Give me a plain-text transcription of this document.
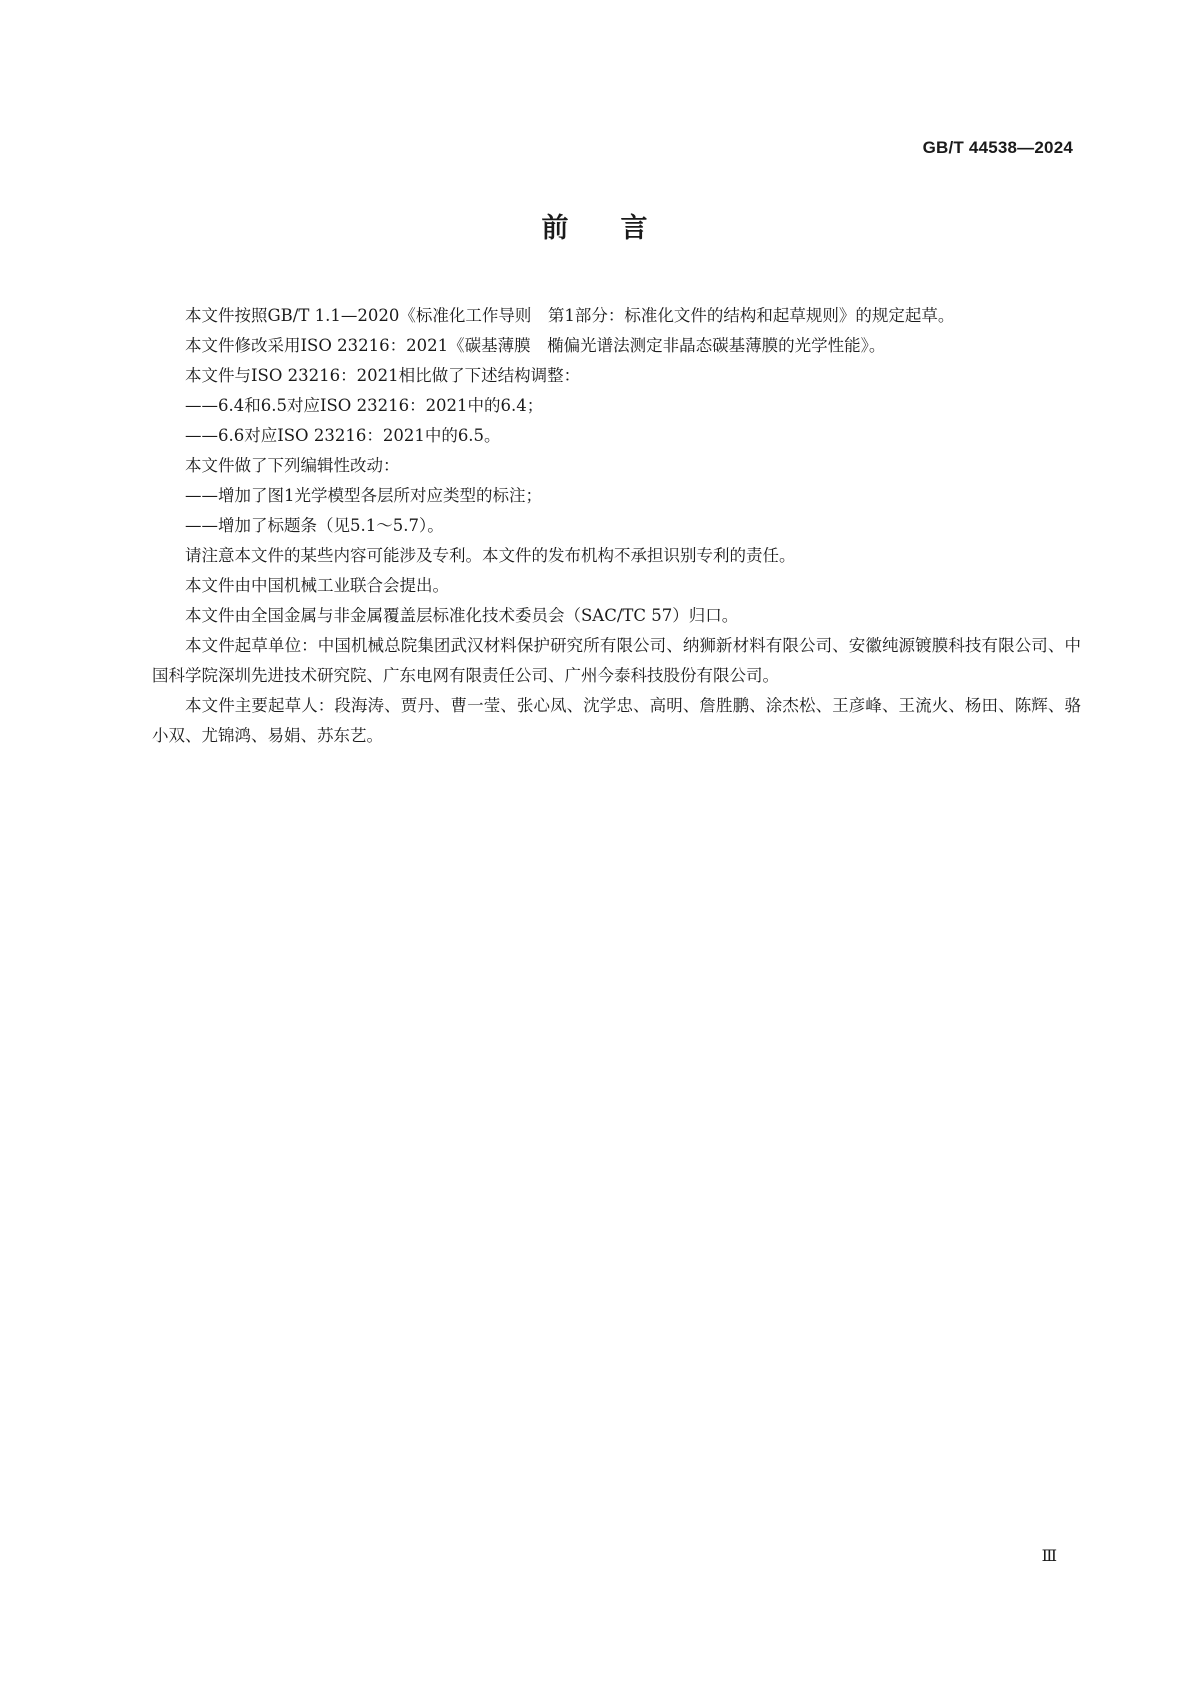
GB/T 44538—2024
前 言

本文件按照GB/T 1.1—2020《标准化工作导则　第1部分：标准化文件的结构和起草规则》的规定起草。

本文件修改采用ISO 23216：2021《碳基薄膜　椭偏光谱法测定非晶态碳基薄膜的光学性能》。

本文件与ISO 23216：2021相比做了下述结构调整：

——6.4和6.5对应ISO 23216：2021中的6.4；

——6.6对应ISO 23216：2021中的6.5。

本文件做了下列编辑性改动：

——增加了图1光学模型各层所对应类型的标注；

——增加了标题条（见5.1～5.7）。

请注意本文件的某些内容可能涉及专利。本文件的发布机构不承担识别专利的责任。

本文件由中国机械工业联合会提出。

本文件由全国金属与非金属覆盖层标准化技术委员会（SAC/TC 57）归口。

本文件起草单位：中国机械总院集团武汉材料保护研究所有限公司、纳狮新材料有限公司、安徽纯源镀膜科技有限公司、中国科学院深圳先进技术研究院、广东电网有限责任公司、广州今泰科技股份有限公司。

本文件主要起草人：段海涛、贾丹、曹一莹、张心凤、沈学忠、高明、詹胜鹏、涂杰松、王彦峰、王流火、杨田、陈辉、骆小双、尤锦鸿、易娟、苏东艺。

Ⅲ
